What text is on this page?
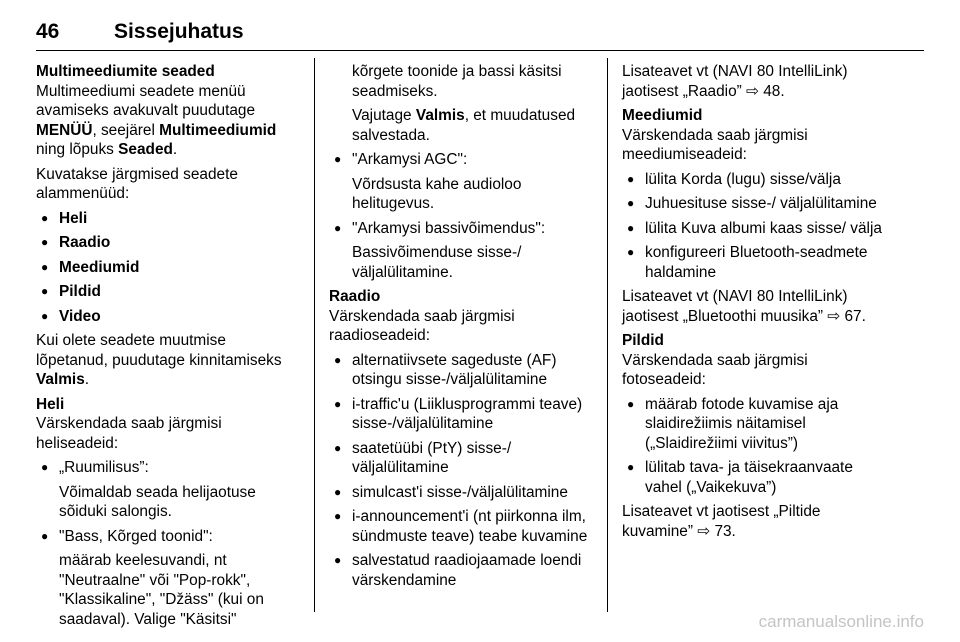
46	Sissejuhatus
Multimeediumite seaded

Multimeediumi seadete menüü avamiseks avakuvalt puudutage MENÜÜ, seejärel Multimeediumid ning lõpuks Seaded.

Kuvatakse järgmised seadete alammenüüd:

● Heli
● Raadio
● Meediumid
● Pildid
● Video

Kui olete seadete muutmise lõpetanud, puudutage kinnitamiseks Valmis.

Heli

Värskendada saab järgmisi heliseadeid:

● „Ruumilisus”:
Võimaldab seada helijaotuse sõiduki salongis.
● "Bass, Kõrged toonid":
määrab keelesuvandi, nt "Neutraalne" või "Pop-rokk", "Klassikaline", "Džäss" (kui on saadaval). Valige "Käsitsi"

kõrgete toonide ja bassi käsitsi seadmiseks.

Vajutage Valmis, et muudatused salvestada.

● "Arkamysi AGC":
Võrdsusta kahe audioloo helitugevus.
● "Arkamysi bassivõimendus":
Bassivõimenduse sisse-/ väljalülitamine.
Raadio

Värskendada saab järgmisi raadioseadeid:

● alternatiivsete sageduste (AF) otsingu sisse-/väljalülitamine
● i-traffic'u (Liiklusprogrammi teave) sisse-/väljalülitamine
● saatetüübi (PtY) sisse-/ väljalülitamine
● simulcast'i sisse-/väljalülitamine
● i-announcement'i (nt piirkonna ilm, sündmuste teave) teabe kuvamine
● salvestatud raadiojaamade loendi värskendamine

Lisateavet vt (NAVI 80 IntelliLink) jaotisest „Raadio” ⇨ 48.

Meediumid

Värskendada saab järgmisi meediumiseadeid:

● lülita Korda (lugu) sisse/välja
● Juhuesituse sisse-/ väljalülitamine
● lülita Kuva albumi kaas sisse/ välja
● konfigureeri Bluetooth-seadmete haldamine

Lisateavet vt (NAVI 80 IntelliLink) jaotisest „Bluetoothi muusika” ⇨ 67.

Pildid

Värskendada saab järgmisi fotoseadeid:

● määrab fotode kuvamise aja slaidirežiimis näitamisel („Slaidirežiimi viivitus”)
● lülitab tava- ja täisekraanvaate vahel („Vaikekuva”)

Lisateavet vt jaotisest „Piltide kuvamine” ⇨ 73.

carmanualsonline.info
